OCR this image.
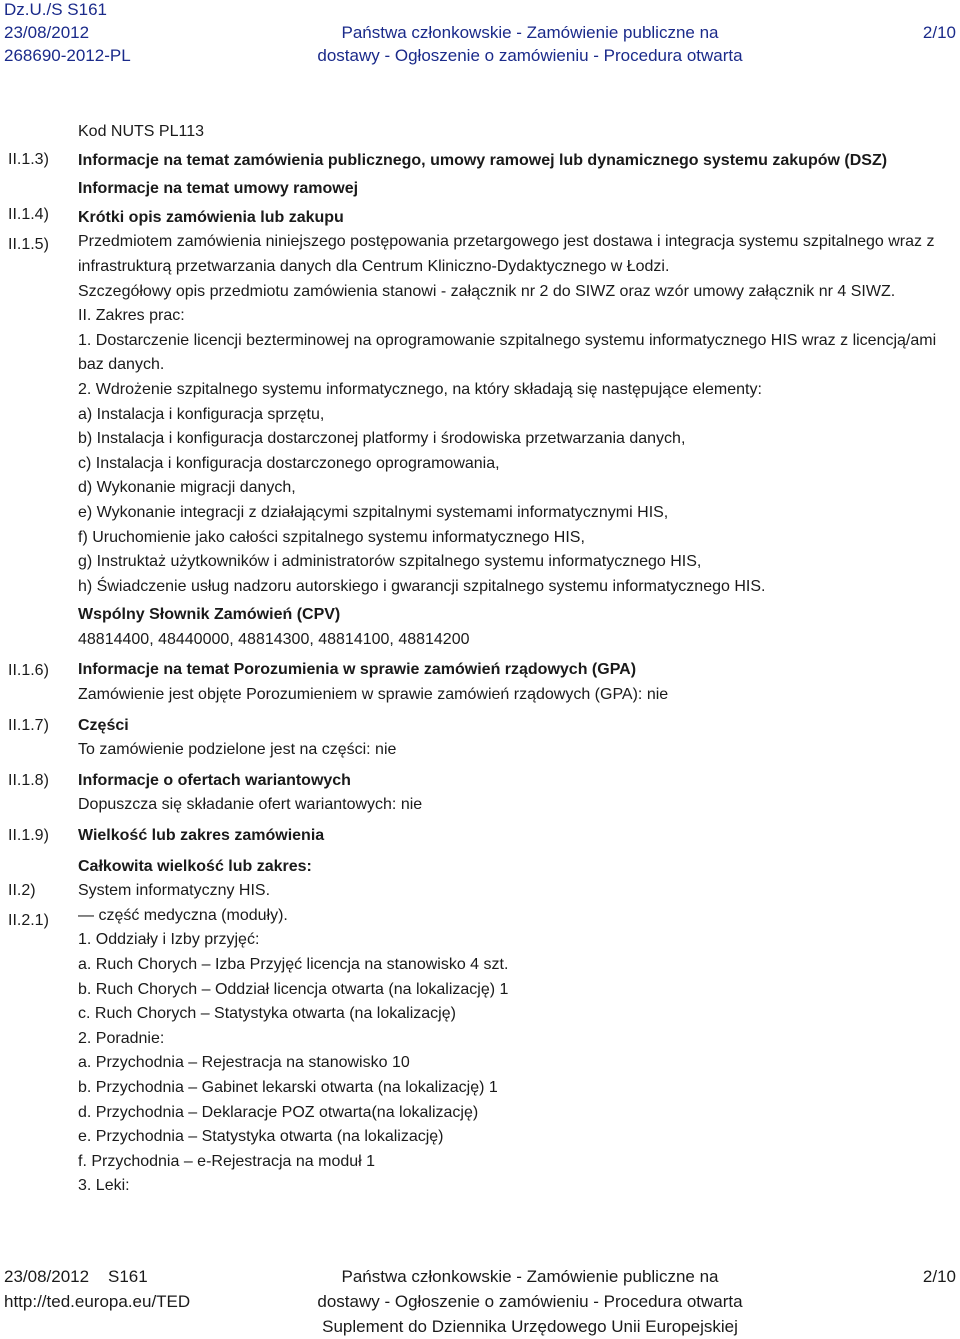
Dz.U./S S161
23/08/2012
268690-2012-PL
Państwa członkowskie - Zamówienie publiczne na
dostawy - Ogłoszenie o zamówieniu - Procedura otwarta
2/10
II.1.3)
II.1.4)
II.1.5)
II.1.6)
II.1.7)
II.1.8)
II.1.9)
II.2)
II.2.1)

Kod NUTS PL113

Informacje na temat zamówienia publicznego, umowy ramowej lub dynamicznego systemu zakupów (DSZ)

Informacje na temat umowy ramowej

Krótki opis zamówienia lub zakupu

Przedmiotem zamówienia niniejszego postępowania przetargowego jest dostawa i integracja systemu szpitalnego wraz z infrastrukturą przetwarzania danych dla Centrum Kliniczno-Dydaktycznego w Łodzi.

Szczegółowy opis przedmiotu zamówienia stanowi - załącznik nr 2 do SIWZ oraz wzór umowy załącznik nr 4 SIWZ.

II. Zakres prac:

1. Dostarczenie licencji bezterminowej na oprogramowanie szpitalnego systemu informatycznego HIS wraz z licencją/ami baz danych.

2. Wdrożenie szpitalnego systemu informatycznego, na który składają się następujące elementy:

a) Instalacja i konfiguracja sprzętu,

b) Instalacja i konfiguracja dostarczonej platformy i środowiska przetwarzania danych,

c) Instalacja i konfiguracja dostarczonego oprogramowania,

d) Wykonanie migracji danych,

e) Wykonanie integracji z działającymi szpitalnymi systemami informatycznymi HIS,

f) Uruchomienie jako całości szpitalnego systemu informatycznego HIS,

g) Instruktaż użytkowników i administratorów szpitalnego systemu informatycznego HIS,

h) Świadczenie usług nadzoru autorskiego i gwarancji szpitalnego systemu informatycznego HIS.

Wspólny Słownik Zamówień (CPV)

48814400, 48440000, 48814300, 48814100, 48814200

Informacje na temat Porozumienia w sprawie zamówień rządowych (GPA)

Zamówienie jest objęte Porozumieniem w sprawie zamówień rządowych (GPA): nie

Części

To zamówienie podzielone jest na części: nie

Informacje o ofertach wariantowych

Dopuszcza się składanie ofert wariantowych: nie

Wielkość lub zakres zamówienia

Całkowita wielkość lub zakres:

System informatyczny HIS.

— część medyczna (moduły).

1. Oddziały i Izby przyjęć:

a. Ruch Chorych – Izba Przyjęć licencja na stanowisko 4 szt.

b. Ruch Chorych – Oddział licencja otwarta (na lokalizację) 1

c. Ruch Chorych – Statystyka otwarta (na lokalizację)

2. Poradnie:

a. Przychodnia – Rejestracja na stanowisko 10

b. Przychodnia – Gabinet lekarski otwarta (na lokalizację) 1

d. Przychodnia – Deklaracje POZ otwarta(na lokalizację)

e. Przychodnia – Statystyka otwarta (na lokalizację)

f. Przychodnia – e-Rejestracja na moduł 1

3. Leki:

23/08/2012 S161
http://ted.europa.eu/TED
Państwa członkowskie - Zamówienie publiczne na
dostawy - Ogłoszenie o zamówieniu - Procedura otwarta
Suplement do Dziennika Urzędowego Unii Europejskiej
2/10
